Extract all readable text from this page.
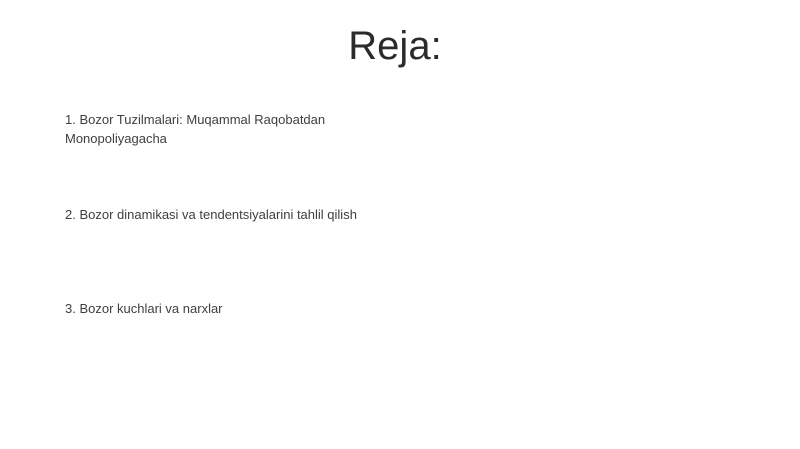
Reja:

1. Bozor Tuzilmalari: Muqammal Raqobatdan Monopoliyagacha

2. Bozor dinamikasi va tendentsiyalarini tahlil qilish

3. Bozor kuchlari va narxlar
